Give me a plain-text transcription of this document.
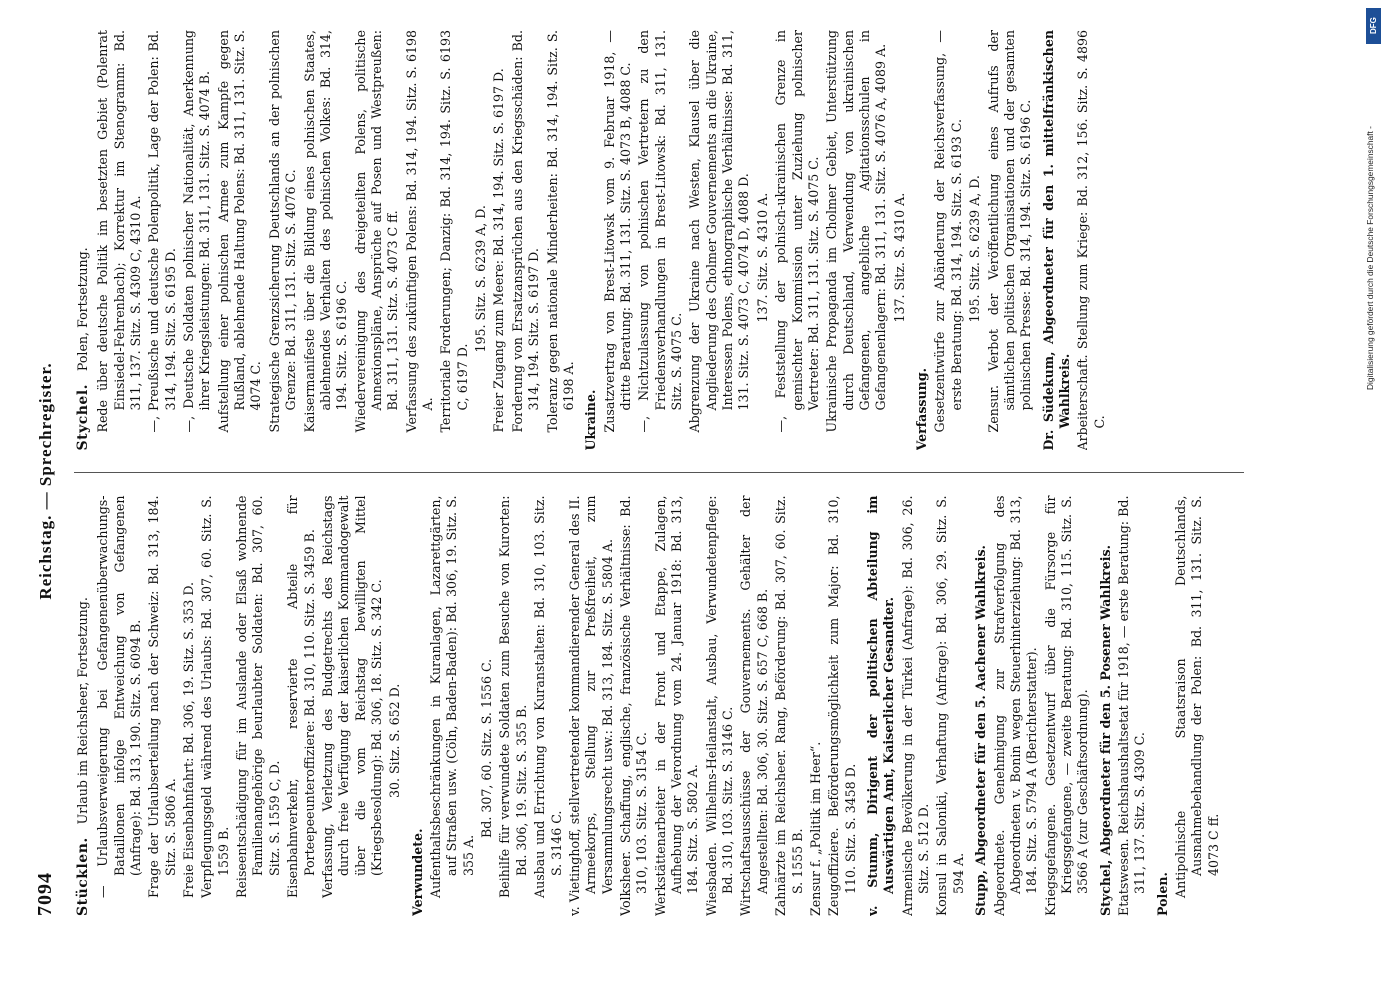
DFG
Digitalisierung gefördert durch die Deutsche Forschungsgemeinschaft -
7094
Reichstag. — Sprechregister.
Stücklen. Urlaub im Reichsheer, Fortsetzung. — Urlaubsverweigerung bei Gefangenenüberwachungs-Bataillonen infolge Entweichung von Gefangenen (Anfrage): Bd. 313, 190. Sitz. S. 6094 B. Frage der Urlaubserteilung nach der Schweiz: Bd. 313, 184. Sitz. S. 5806 A. Freie Eisenbahnfahrt: Bd. 306, 19. Sitz. S. 353 D. Verpflegungsgeld während des Urlaubs: Bd. 307, 60. Sitz. S. 1559 B. Reiseentschädigung für im Auslande oder Elsaß wohnende Familienangehörige beurlaubter Soldaten: Bd. 307, 60. Sitz. S. 1559 C, D. Eisenbahnverkehr, reservierte Abteile für Porteepeeunteroffiziere: Bd. 310, 110. Sitz. S. 3459 B. Verfassung, Verletzung des Budgetrechts des Reichstags durch freie Verfügung der kaiserlichen Kommandogewalt über die vom Reichstag bewilligten Mittel (Kriegsbesoldung): Bd. 306, 18. Sitz. S. 342 C. 30. Sitz. S. 652 D.

Verwundete. Aufenthaltsbeschränkungen in Kuranlagen, Lazarettgärten, auf Straßen usw. (Cöln, Baden-Baden): Bd. 306, 19. Sitz. S. 355 A.

Bd. 307, 60. Sitz. S. 1556 C. Beihilfe für verwundete Soldaten zum Besuche von Kurorten: Bd. 306, 19. Sitz. S. 355 B. Ausbau und Errichtung von Kuranstalten: Bd. 310, 103. Sitz. S. 3146 C. v. Vietinghoff, stellvertretender kommandierender General des II. Armeekorps, Stellung zur Preßfreiheit, zum Versammlungsrecht usw.: Bd. 313, 184. Sitz. S. 5804 A. Volksheer. Schaffung, englische, französische Verhältnisse: Bd. 310, 103. Sitz. S. 3154 C. Werkstättenarbeiter in der Front und Etappe, Zulagen, Aufhebung der Verordnung vom 24. Januar 1918: Bd. 313, 184. Sitz. S. 5802 A. Wiesbaden. Wilhelms-Heilanstalt, Ausbau, Verwundetenpflege: Bd. 310, 103. Sitz. S. 3146 C. Wirtschaftsausschüsse der Gouvernements. Gehälter der Angestellten: Bd. 306, 30. Sitz. S. 657 C, 668 B. Zahnärzte im Reichsheer. Rang, Beförderung: Bd. 307, 60. Sitz. S. 1555 B. Zensur f. „Politik im Heer“. Zeugoffiziere. Beförderungsmöglichkeit zum Major: Bd. 310, 110. Sitz. S. 3458 D. v. Stumm, Dirigent der politischen Abteilung im Auswärtigen Amt, Kaiserlicher Gesandter. Armenische Bevölkerung in der Türkei (Anfrage): Bd. 306, 26. Sitz. S. 512 D. Konsul in Saloniki, Verhaftung (Anfrage): Bd. 306, 29. Sitz. S. 594 A. Stupp, Abgeordneter für den 5. Aachener Wahlkreis. Abgeordnete. Genehmigung zur Strafverfolgung des Abgeordneten v. Bonin wegen Steuerhinterziehung: Bd. 313, 184. Sitz. S. 5794 A (Berichterstatter). Kriegsgefangene. Gesetzentwurf über die Fürsorge für Kriegsgefangene, — zweite Beratung: Bd. 310, 115. Sitz. S. 3566 A (zur Geschäftsordnung). Stychel, Abgeordneter für den 5. Posener Wahlkreis. Etatswesen. Reichshaushaltsetat für 1918, — erste Beratung: Bd. 311, 137. Sitz. S. 4309 C.

Polen. Antipolnische Staatsraison Deutschlands, Ausnahmebehandlung der Polen: Bd. 311, 131. Sitz. S. 4073 C ff.

Stychel. Polen, Fortsetzung. Rede über deutsche Politik im besetzten Gebiet (Polenrat Einsiedel-Fehrenbach); Korrektur im Stenogramm: Bd. 311, 137. Sitz. S. 4309 C, 4310 A. —, Preußische und deutsche Polenpolitik, Lage der Polen: Bd. 314, 194. Sitz. S. 6195 D. —, Deutsche Soldaten polnischer Nationalität, Anerkennung ihrer Kriegsleistungen: Bd. 311, 131. Sitz. S. 4074 B. Aufstellung einer polnischen Armee zum Kampfe gegen Rußland, ablehnende Haltung Polens: Bd. 311, 131. Sitz. S. 4074 C. Strategische Grenzsicherung Deutschlands an der polnischen Grenze: Bd. 311, 131. Sitz. S. 4076 C. Kaisermanifeste über die Bildung eines polnischen Staates, ablehnendes Verhalten des polnischen Volkes: Bd. 314, 194. Sitz. S. 6196 C. Wiedervereinigung des dreigeteilten Polens, politische Annexionspläne, Ansprüche auf Posen und Westpreußen: Bd. 311, 131. Sitz. S. 4073 C ff. Verfassung des zukünftigen Polens: Bd. 314, 194. Sitz. S. 6198 A. Territoriale Forderungen; Danzig: Bd. 314, 194. Sitz. S. 6193 C, 6197 D.

195. Sitz. S. 6239 A, D. Freier Zugang zum Meere: Bd. 314, 194. Sitz. S. 6197 D. Forderung von Ersatzansprüchen aus den Kriegsschäden: Bd. 314, 194. Sitz. S. 6197 D. Toleranz gegen nationale Minderheiten: Bd. 314, 194. Sitz. S. 6198 A.

Ukraine. Zusatzvertrag von Brest-Litowsk vom 9. Februar 1918, — dritte Beratung: Bd. 311, 131. Sitz. S. 4073 B, 4088 C. —, Nichtzulassung von polnischen Vertretern zu den Friedensverhandlungen in Brest-Litowsk: Bd. 311, 131. Sitz. S. 4075 C. Abgrenzung der Ukraine nach Westen, Klausel über die Angliederung des Cholmer Gouvernements an die Ukraine, Interessen Polens, ethnographische Verhältnisse: Bd. 311, 131. Sitz. S. 4073 C, 4074 D, 4088 D. 137. Sitz. S. 4310 A. —, Feststellung der polnisch-ukrainischen Grenze in gemischter Kommission unter Zuziehung polnischer Vertreter: Bd. 311, 131. Sitz. S. 4075 C. Ukrainische Propaganda im Cholmer Gebiet, Unterstützung durch Deutschland, Verwendung von ukrainischen Gefangenen, angebliche Agitationsschulen in Gefangenenlagern: Bd. 311, 131. Sitz. S. 4076 A, 4089 A. 137. Sitz. S. 4310 A.

Verfassung. Gesetzentwürfe zur Abänderung der Reichsverfassung, — erste Beratung: Bd. 314, 194. Sitz. S. 6193 C. 195. Sitz. S. 6239 A, D. Zensur. Verbot der Veröffentlichung eines Aufrufs der sämtlichen politischen Organisationen und der gesamten polnischen Presse: Bd. 314, 194. Sitz. S. 6196 C. Dr. Südekum, Abgeordneter für den 1. mittelfränkischen Wahlkreis. Arbeiterschaft. Stellung zum Kriege: Bd. 312, 156. Sitz. S. 4896 C.
